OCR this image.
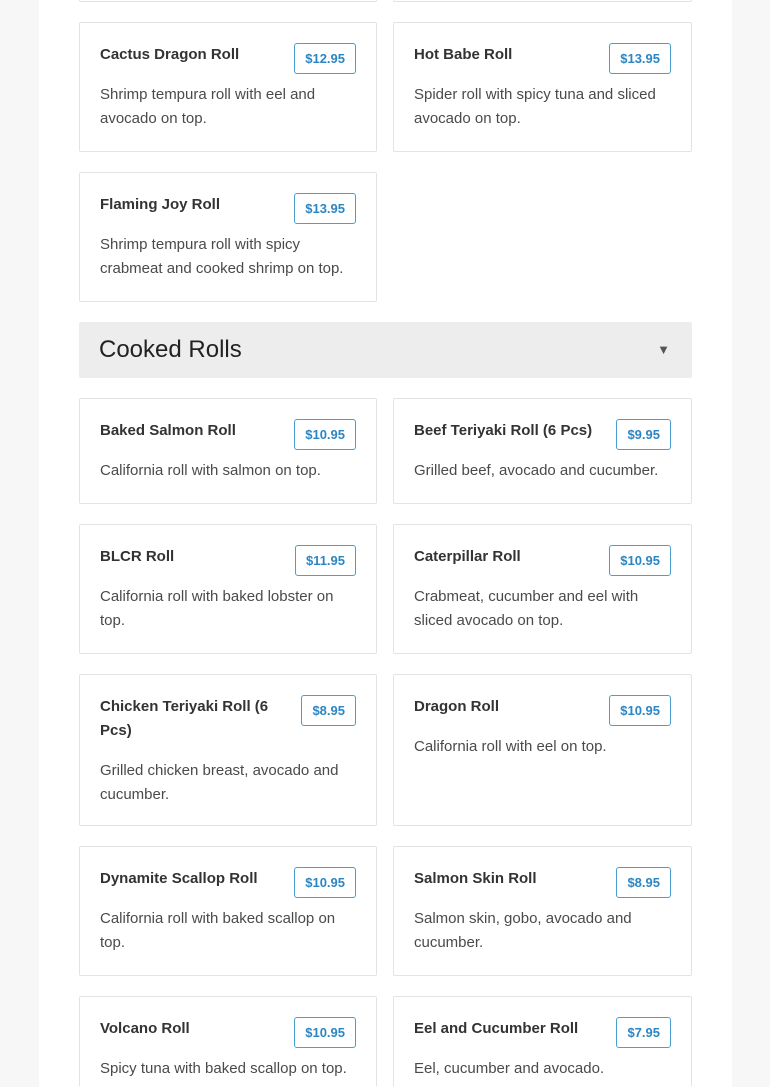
Cactus Dragon Roll	$12.95
Shrimp tempura roll with eel and avocado on top.
Hot Babe Roll	$13.95
Spider roll with spicy tuna and sliced avocado on top.
Flaming Joy Roll	$13.95
Shrimp tempura roll with spicy crabmeat and cooked shrimp on top.
Cooked Rolls	▼
Baked Salmon Roll	$10.95
California roll with salmon on top.
Beef Teriyaki Roll (6 Pcs)	$9.95
Grilled beef, avocado and cucumber.
BLCR Roll	$11.95
California roll with baked lobster on top.
Caterpillar Roll	$10.95
Crabmeat, cucumber and eel with sliced avocado on top.
Chicken Teriyaki Roll (6 Pcs)
$8.95
Grilled chicken breast, avocado and cucumber.
Dragon Roll	$10.95
California roll with eel on top.
Dynamite Scallop Roll	$10.95
California roll with baked scallop on top.
Salmon Skin Roll	$8.95
Salmon skin, gobo, avocado and cucumber.
Volcano Roll	$10.95
Spicy tuna with baked scallop on top.
Eel and Cucumber Roll	$7.95
Eel, cucumber and avocado.
